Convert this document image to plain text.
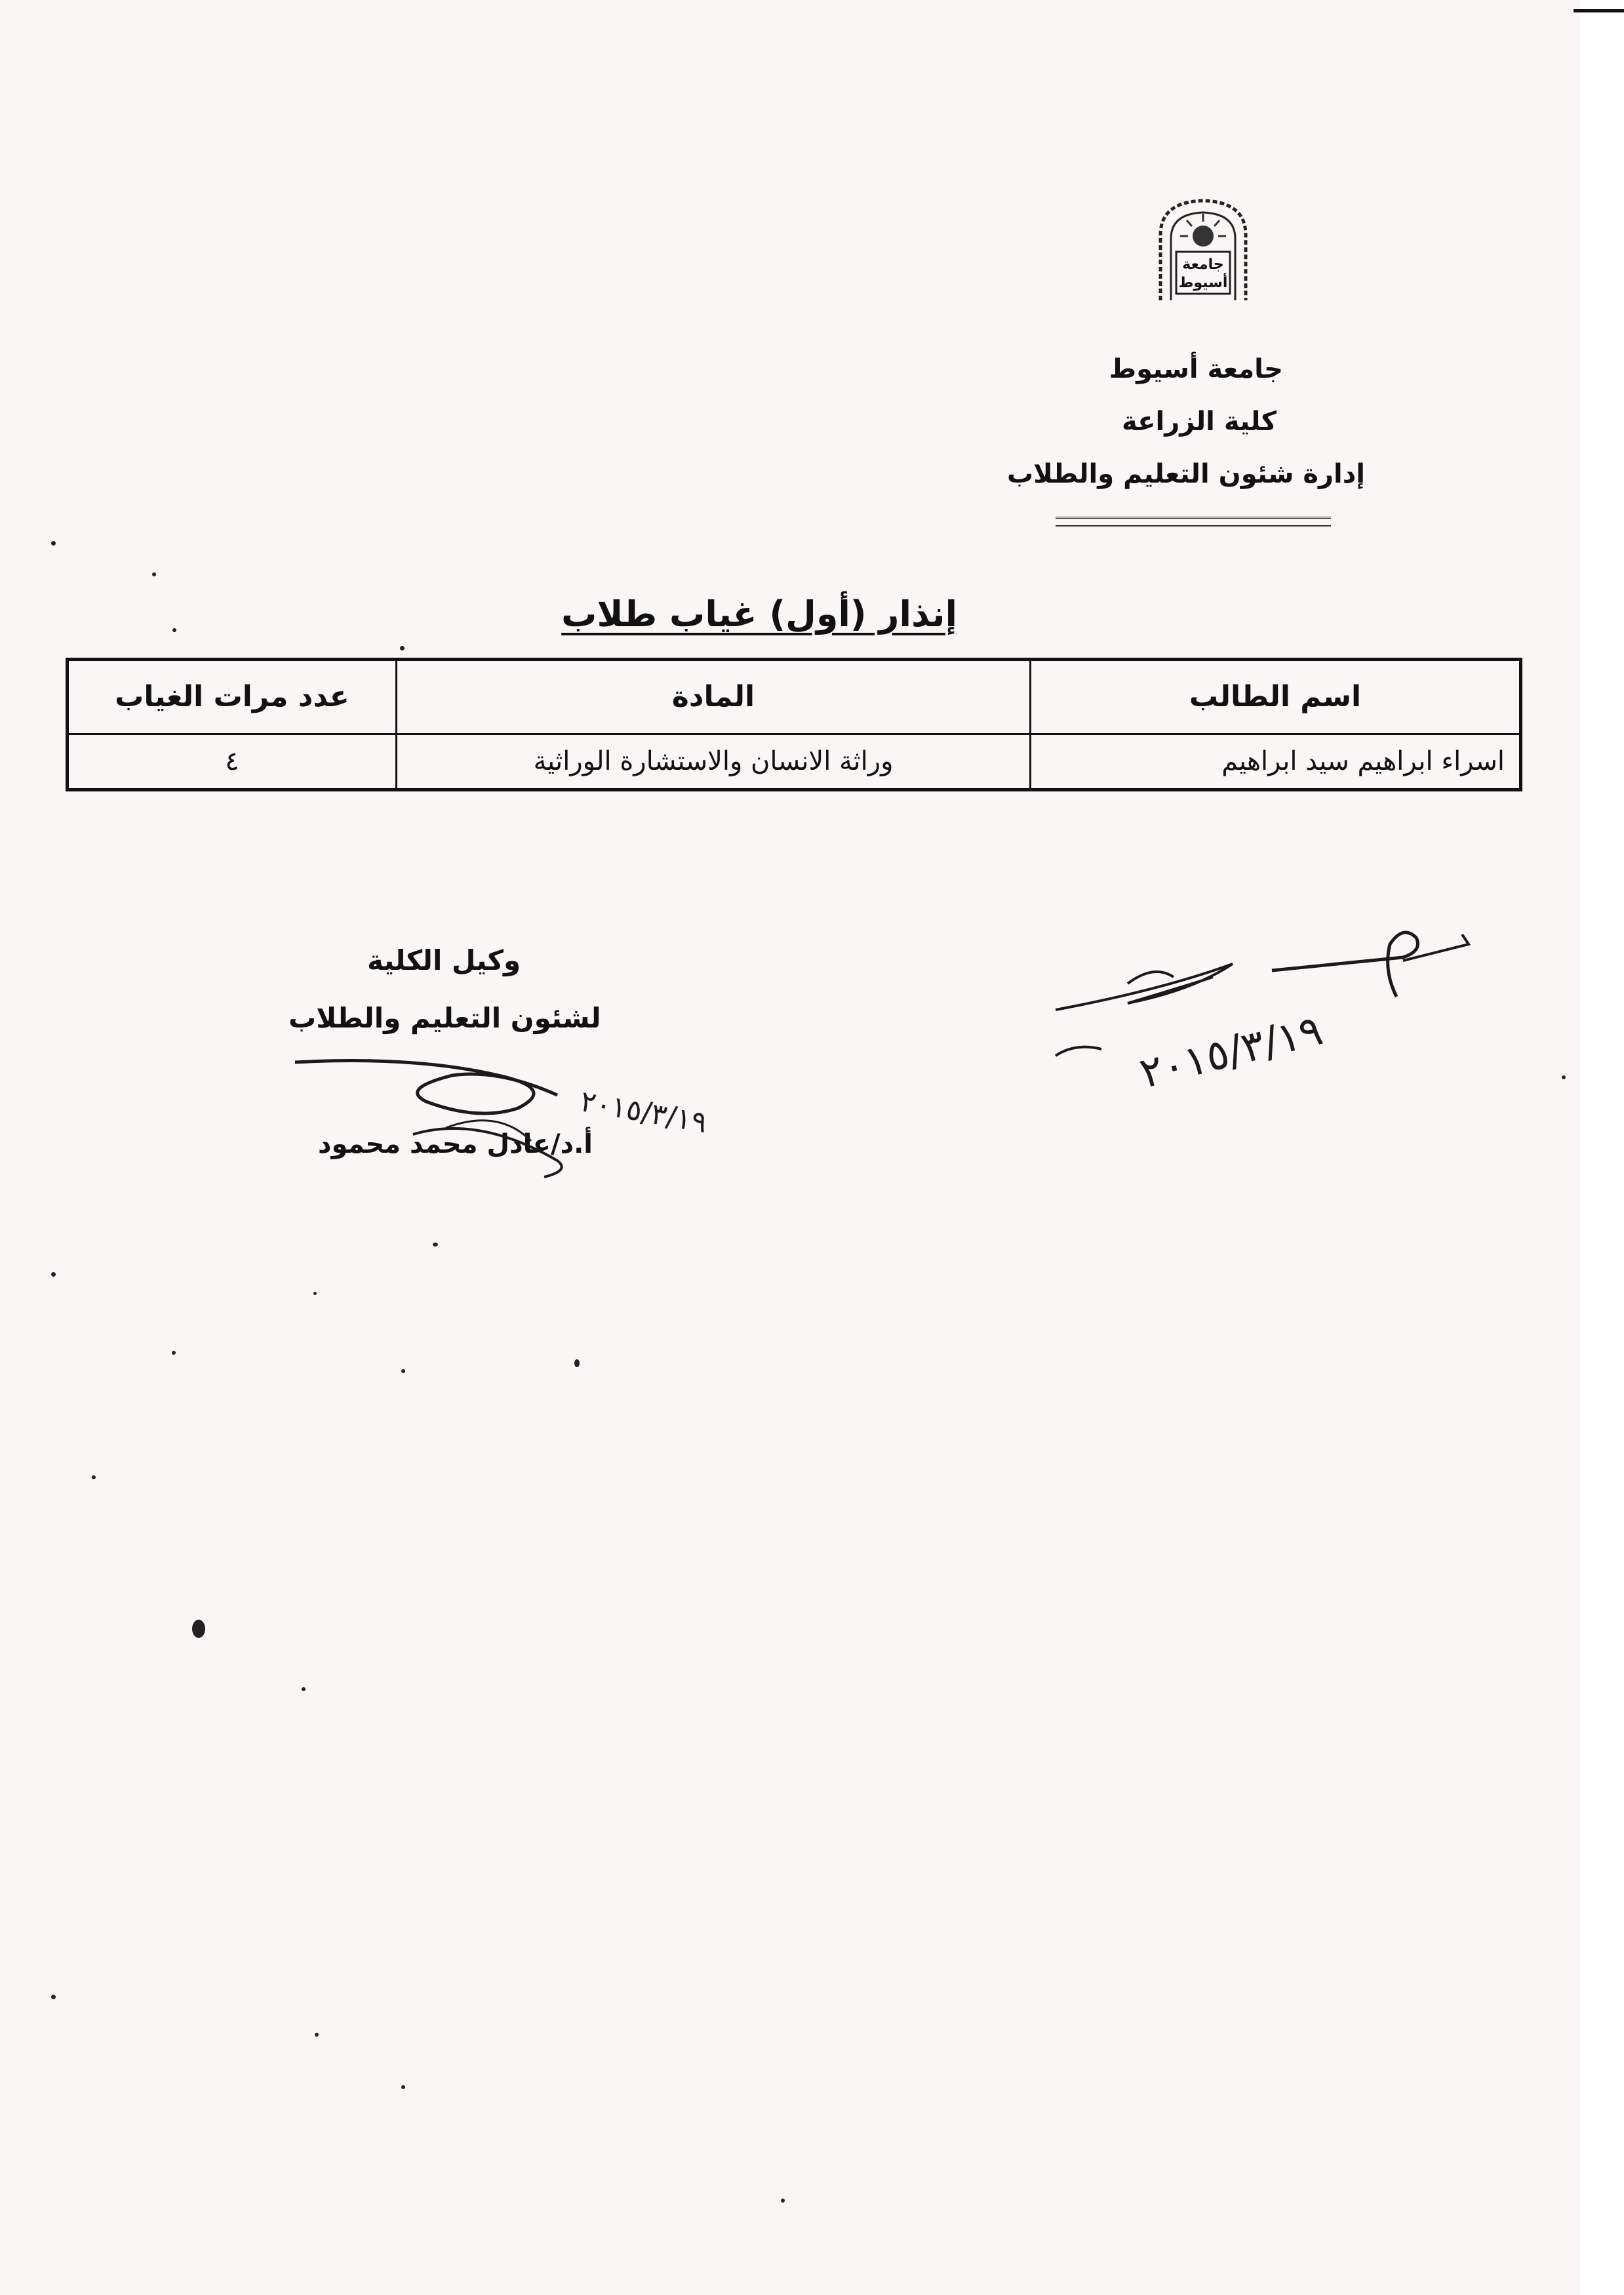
جامعة
أسيوط
جامعة أسيوط
كلية الزراعة
إدارة شئون التعليم والطلاب
إنذار (أول) غياب طلاب
اسم الطالب	المادة	عدد مرات الغياب
اسراء ابراهيم سيد ابراهيم	وراثة الانسان والاستشارة الوراثية	٤
وكيل الكلية
لشئون التعليم والطلاب
أ.د/عادل محمد محمود
٢٠١٥/٣/١٩
٢٠١٥/٣/١٩
